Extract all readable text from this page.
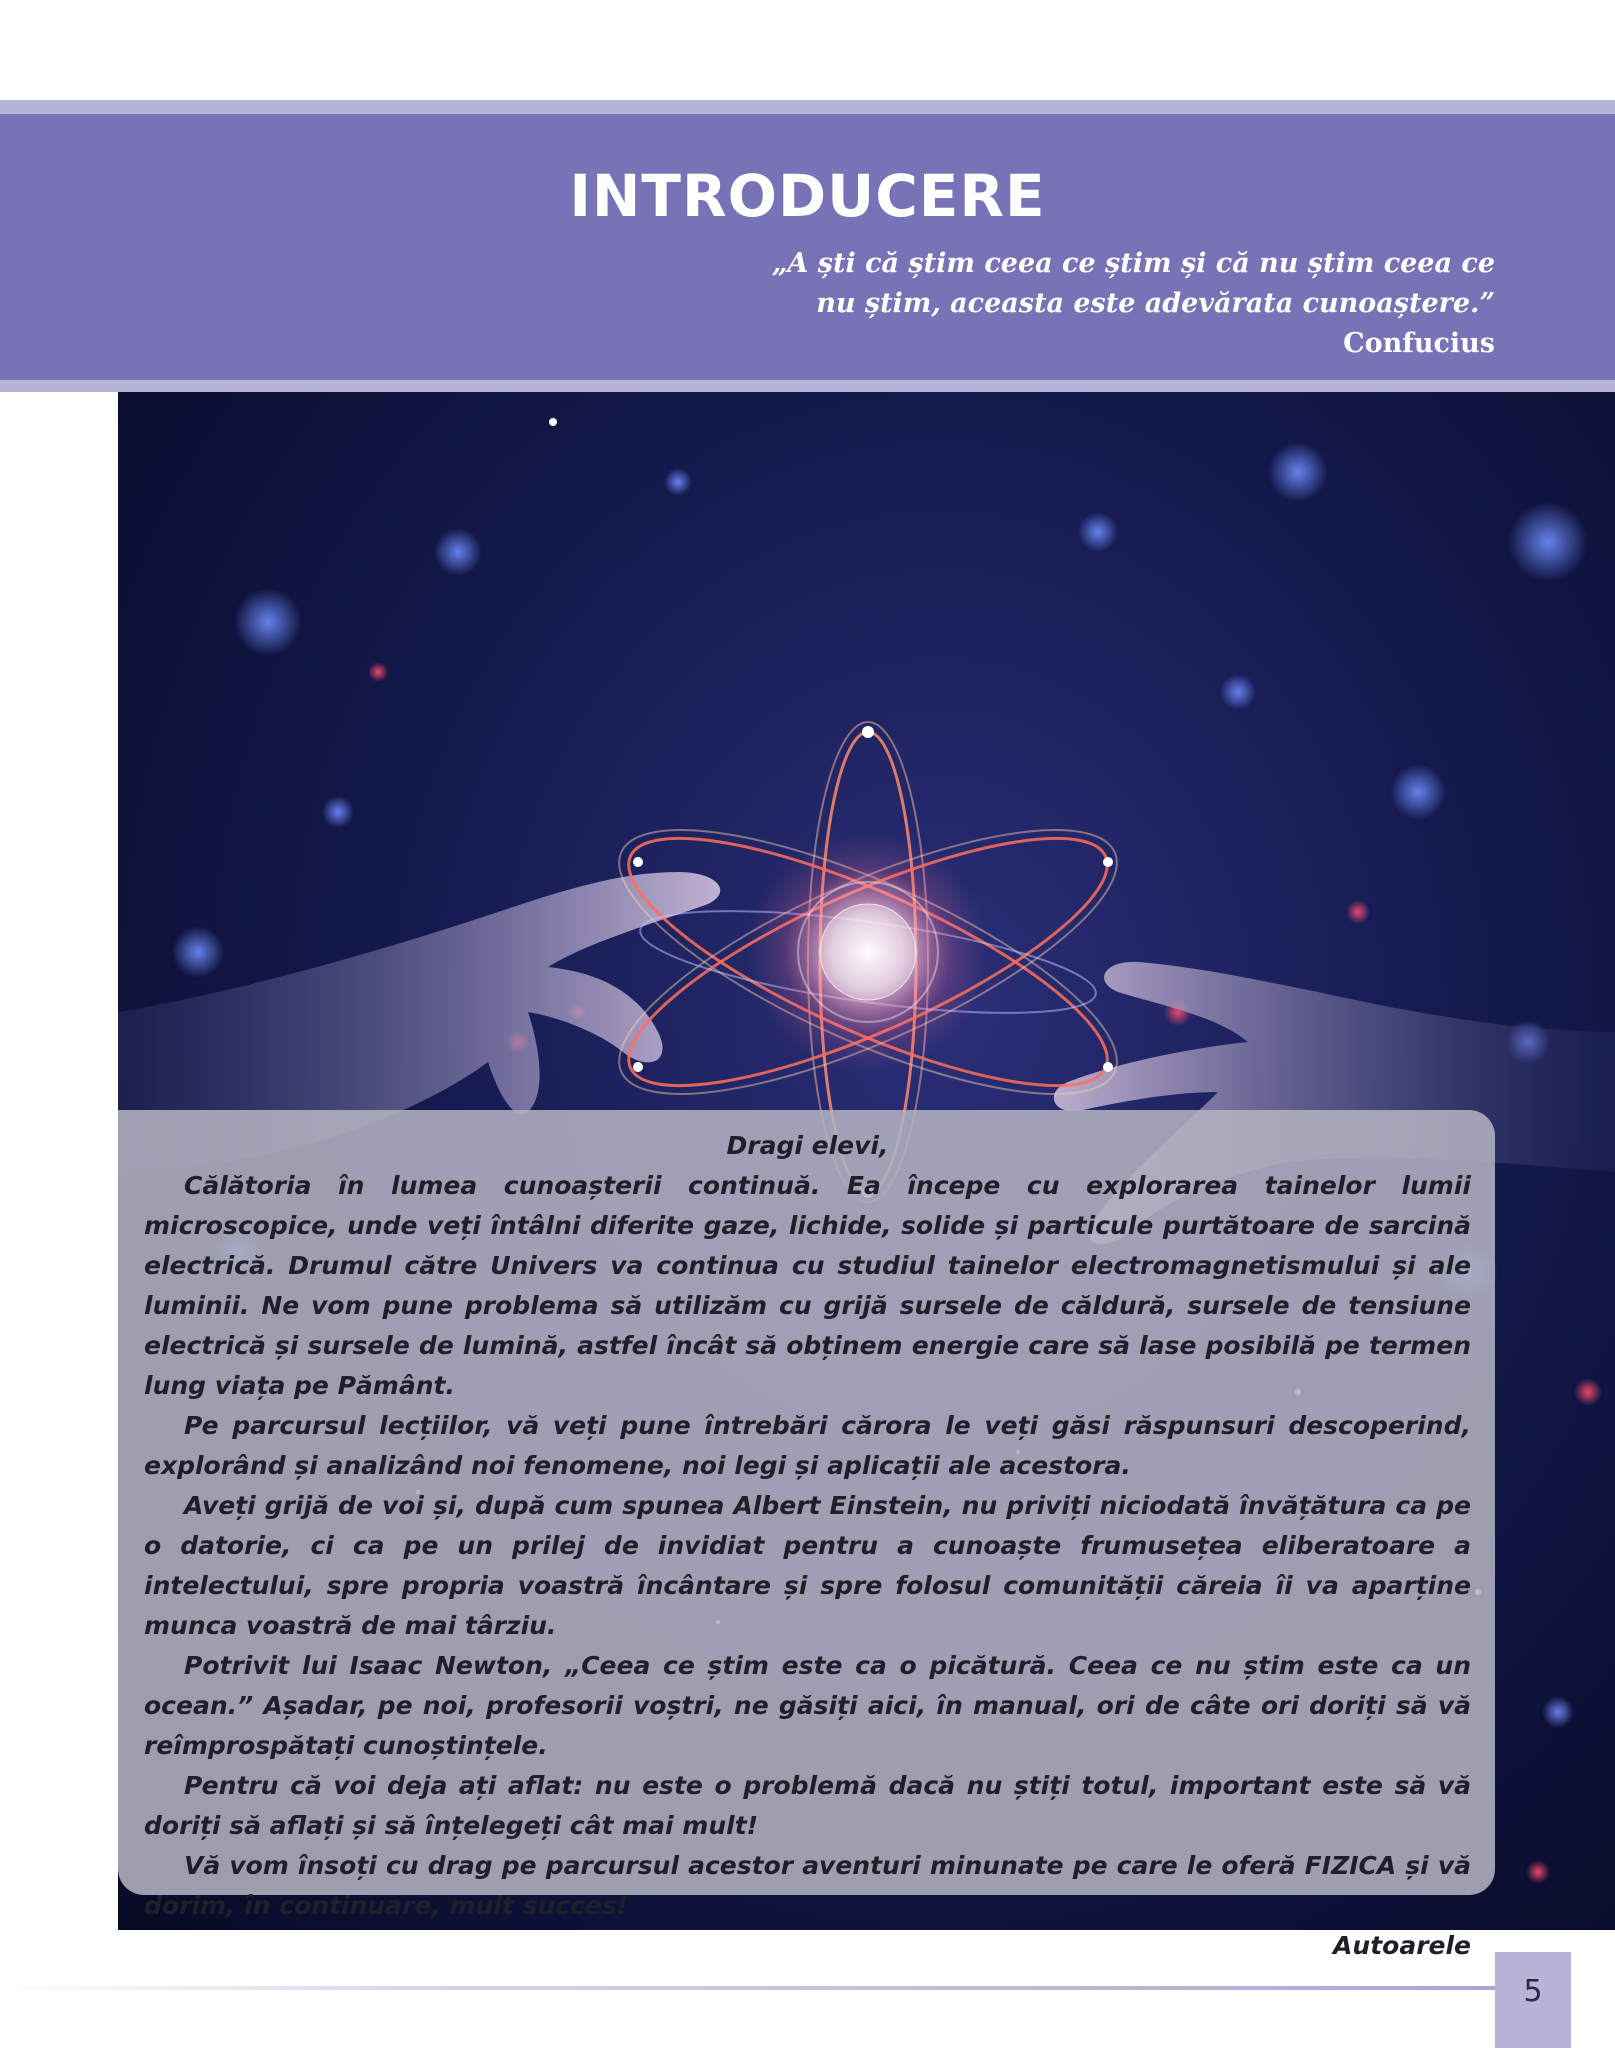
INTRODUCERE
„A ști că știm ceea ce știm și că nu știm ceea ce
nu știm, aceasta este adevărata cunoaștere.”
Confucius

Dragi elevi,

Călătoria în lumea cunoașterii continuă. Ea începe cu explorarea tainelor lumii microscopice, unde veți întâlni diferite gaze, lichide, solide și particule purtătoare de sarcină electrică. Drumul către Univers va continua cu studiul tainelor electromagnetismului și ale luminii. Ne vom pune problema să utilizăm cu grijă sursele de căldură, sursele de tensiune electrică și sursele de lumină, astfel încât să obținem energie care să lase posibilă pe termen lung viața pe Pământ.

Pe parcursul lecțiilor, vă veți pune întrebări cărora le veți găsi răspunsuri descoperind, explorând și analizând noi fenomene, noi legi și aplicații ale acestora.

Aveți grijă de voi și, după cum spunea Albert Einstein, nu priviți niciodată învățătura ca pe o datorie, ci ca pe un prilej de invidiat pentru a cunoaște frumusețea eliberatoare a intelectului, spre propria voastră încântare și spre folosul comunității căreia îi va aparține munca voastră de mai târziu.

Potrivit lui Isaac Newton, „Ceea ce știm este ca o picătură. Ceea ce nu știm este ca un ocean.” Așadar, pe noi, profesorii voștri, ne găsiți aici, în manual, ori de câte ori doriți să vă reîmprospătați cunoștințele.

Pentru că voi deja ați aflat: nu este o problemă dacă nu știți totul, important este să vă doriți să aflați și să înțelegeți cât mai mult!

Vă vom însoți cu drag pe parcursul acestor aventuri minunate pe care le oferă FIZICA și vă dorim, în continuare, mult succes!

Autoarele

5
